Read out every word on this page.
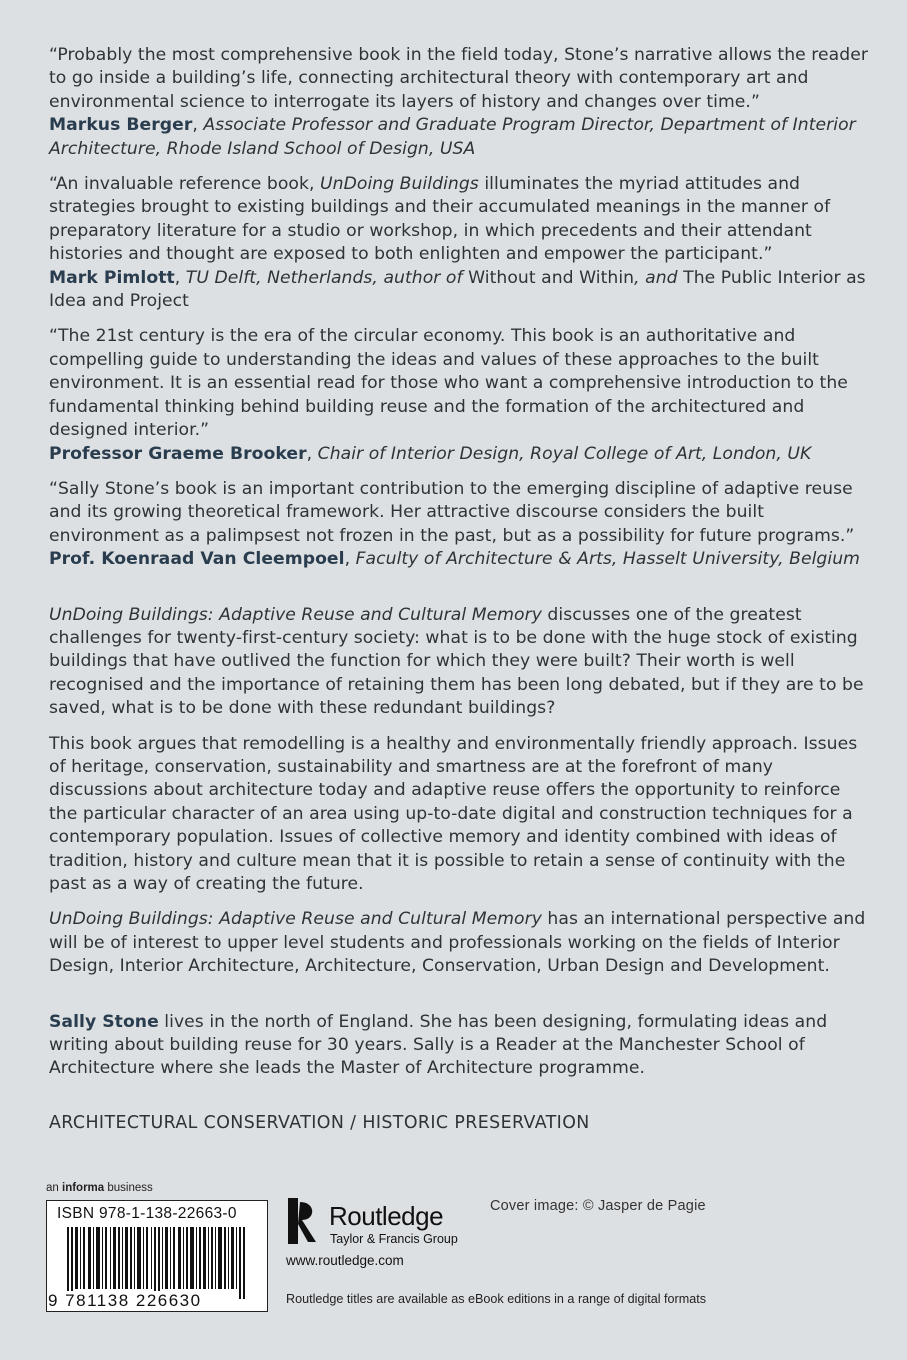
“Probably the most comprehensive book in the field today, Stone’s narrative allows the reader to go inside a building’s life, connecting architectural theory with contemporary art and environmental science to interrogate its layers of history and changes over time.”

Markus Berger, Associate Professor and Graduate Program Director, Department of Interior Architecture, Rhode Island School of Design, USA

“An invaluable reference book, UnDoing Buildings illuminates the myriad attitudes and strategies brought to existing buildings and their accumulated meanings in the manner of preparatory literature for a studio or workshop, in which precedents and their attendant histories and thought are exposed to both enlighten and empower the participant.”

Mark Pimlott, TU Delft, Netherlands, author of Without and Within, and The Public Interior as Idea and Project

“The 21st century is the era of the circular economy. This book is an authoritative and compelling guide to understanding the ideas and values of these approaches to the built environment. It is an essential read for those who want a comprehensive introduction to the fundamental thinking behind building reuse and the formation of the architectured and designed interior.”

Professor Graeme Brooker, Chair of Interior Design, Royal College of Art, London, UK

“Sally Stone’s book is an important contribution to the emerging discipline of adaptive reuse and its growing theoretical framework. Her attractive discourse considers the built environment as a palimpsest not frozen in the past, but as a possibility for future programs.”

Prof. Koenraad Van Cleempoel, Faculty of Architecture & Arts, Hasselt University, Belgium

UnDoing Buildings: Adaptive Reuse and Cultural Memory discusses one of the greatest challenges for twenty-first-century society: what is to be done with the huge stock of existing buildings that have outlived the function for which they were built? Their worth is well recognised and the importance of retaining them has been long debated, but if they are to be saved, what is to be done with these redundant buildings?

This book argues that remodelling is a healthy and environmentally friendly approach. Issues of heritage, conservation, sustainability and smartness are at the forefront of many discussions about architecture today and adaptive reuse offers the opportunity to reinforce the particular character of an area using up-to-date digital and construction techniques for a contemporary population. Issues of collective memory and identity combined with ideas of tradition, history and culture mean that it is possible to retain a sense of continuity with the past as a way of creating the future.

UnDoing Buildings: Adaptive Reuse and Cultural Memory has an international perspective and will be of interest to upper level students and professionals working on the fields of Interior Design, Interior Architecture, Architecture, Conservation, Urban Design and Development.

Sally Stone lives in the north of England. She has been designing, formulating ideas and writing about building reuse for 30 years. Sally is a Reader at the Manchester School of Architecture where she leads the Master of Architecture programme.

ARCHITECTURAL CONSERVATION / HISTORIC PRESERVATION

an informa business
ISBN 978-1-138-22663-0
9 781138 226630
Routledge
Taylor & Francis Group
www.routledge.com
Cover image: © Jasper de Pagie
Routledge titles are available as eBook editions in a range of digital formats
